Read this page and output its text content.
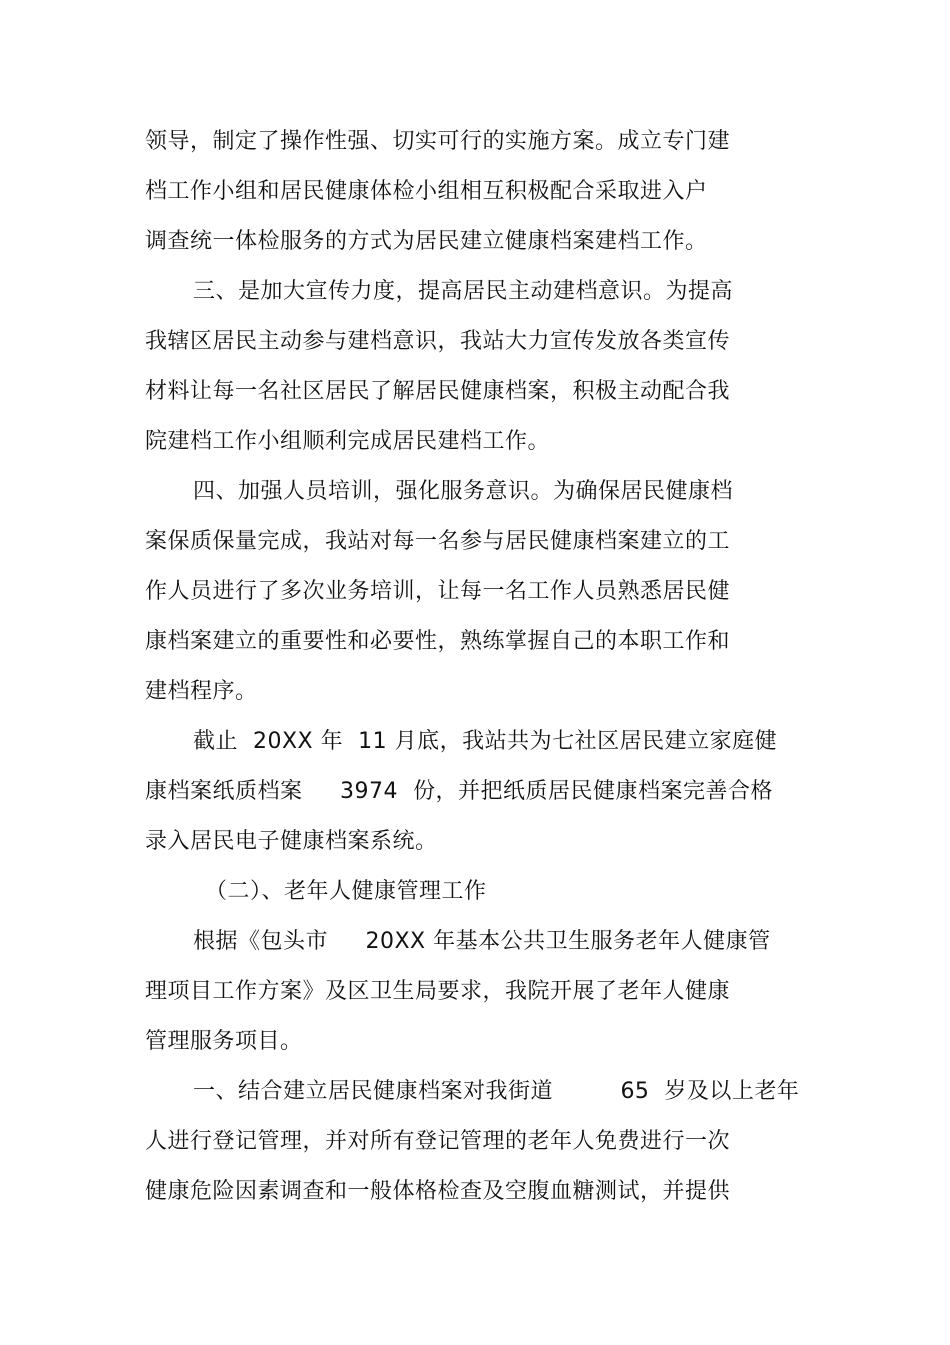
领导，制定了操作性强、切实可行的实施方案。成立专门建
档工作小组和居民健康体检小组相互积极配合采取进入户
调查统一体检服务的方式为居民建立健康档案建档工作。
三、是加大宣传力度，提高居民主动建档意识。为提高
我辖区居民主动参与建档意识，我站大力宣传发放各类宣传
材料让每一名社区居民了解居民健康档案，积极主动配合我
院建档工作小组顺利完成居民建档工作。
四、加强人员培训，强化服务意识。为确保居民健康档
案保质保量完成，我站对每一名参与居民健康档案建立的工
作人员进行了多次业务培训，让每一名工作人员熟悉居民健
康档案建立的重要性和必要性，熟练掌握自己的本职工作和
建档程序。
截止  20XX 年  11 月底，我站共为七社区居民建立家庭健
康档案纸质档案     3974  份，并把纸质居民健康档案完善合格
录入居民电子健康档案系统。
（二）、老年人健康管理工作
根据《包头市     20XX 年基本公共卫生服务老年人健康管
理项目工作方案》及区卫生局要求，我院开展了老年人健康
管理服务项目。
一、结合建立居民健康档案对我街道         65  岁及以上老年
人进行登记管理，并对所有登记管理的老年人免费进行一次
健康危险因素调查和一般体格检查及空腹血糖测试，并提供
